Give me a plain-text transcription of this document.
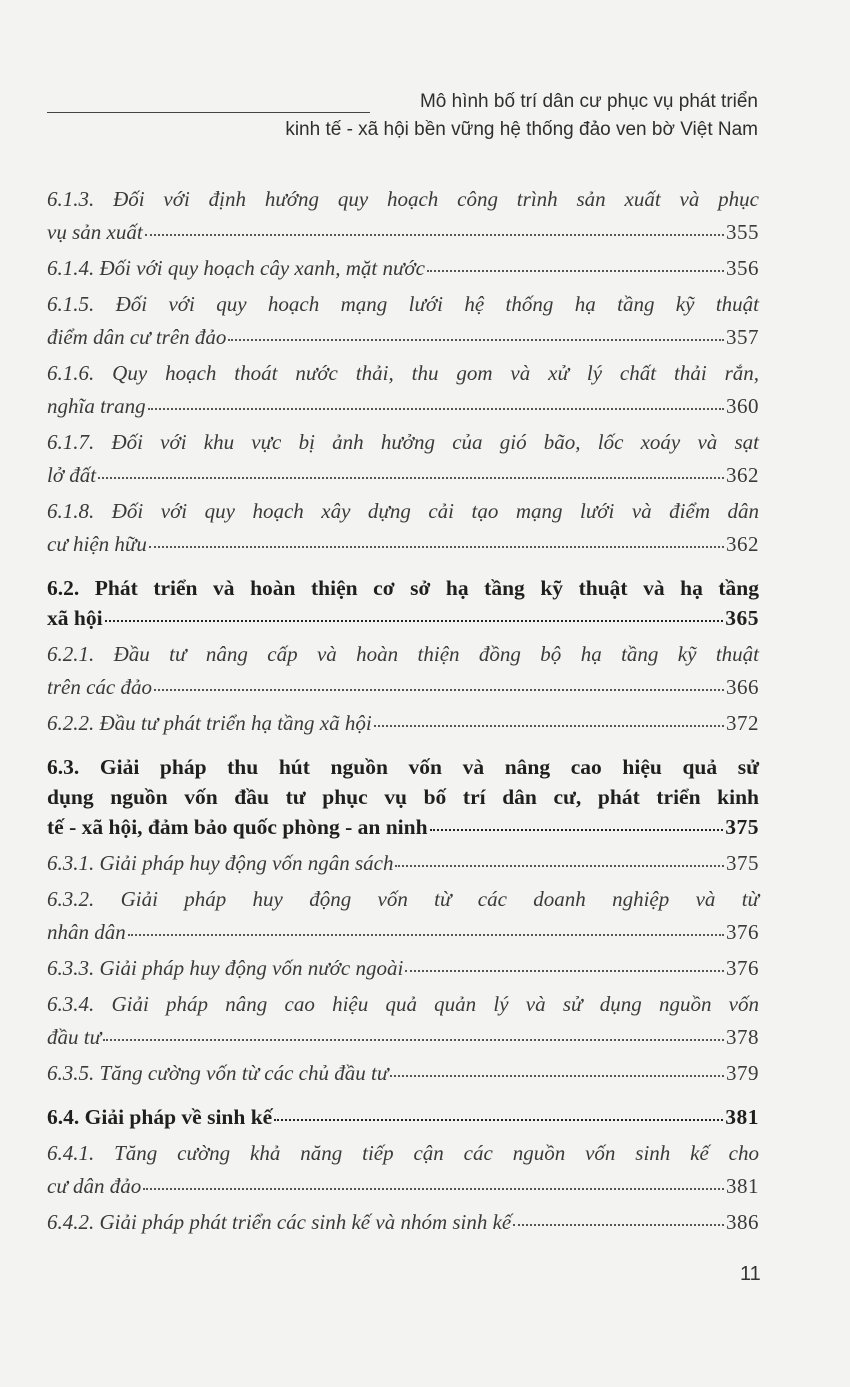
Mô hình bố trí dân cư phục vụ phát triển
kinh tế - xã hội bền vững hệ thống đảo ven bờ Việt Nam
6.1.3. Đối với định hướng quy hoạch công trình sản xuất và phục
vụ sản xuất	355
6.1.4. Đối với quy hoạch cây xanh, mặt nước	356
6.1.5. Đối với quy hoạch mạng lưới hệ thống hạ tầng kỹ thuật
điểm dân cư trên đảo	357
6.1.6. Quy hoạch thoát nước thải, thu gom và xử lý chất thải rắn,
nghĩa trang	360
6.1.7. Đối với khu vực bị ảnh hưởng của gió bão, lốc xoáy và sạt
lở đất	362
6.1.8. Đối với quy hoạch xây dựng cải tạo mạng lưới và điểm dân
cư hiện hữu	362
6.2. Phát triển và hoàn thiện cơ sở hạ tầng kỹ thuật và hạ tầng
xã hội	365
6.2.1. Đầu tư nâng cấp và hoàn thiện đồng bộ hạ tầng kỹ thuật
trên các đảo	366
6.2.2. Đầu tư phát triển hạ tầng xã hội	372
6.3. Giải pháp thu hút nguồn vốn và nâng cao hiệu quả sử
dụng nguồn vốn đầu tư phục vụ bố trí dân cư, phát triển kinh
tế - xã hội, đảm bảo quốc phòng - an ninh	375
6.3.1. Giải pháp huy động vốn ngân sách	375
6.3.2. Giải pháp huy động vốn từ các doanh nghiệp và từ
nhân dân	376
6.3.3. Giải pháp huy động vốn nước ngoài	376
6.3.4. Giải pháp nâng cao hiệu quả quản lý và sử dụng nguồn vốn
đầu tư	378
6.3.5. Tăng cường vốn từ các chủ đầu tư	379
6.4. Giải pháp về sinh kế	381
6.4.1. Tăng cường khả năng tiếp cận các nguồn vốn sinh kế cho
cư dân đảo	381
6.4.2. Giải pháp phát triển các sinh kế và nhóm sinh kế	386
11
